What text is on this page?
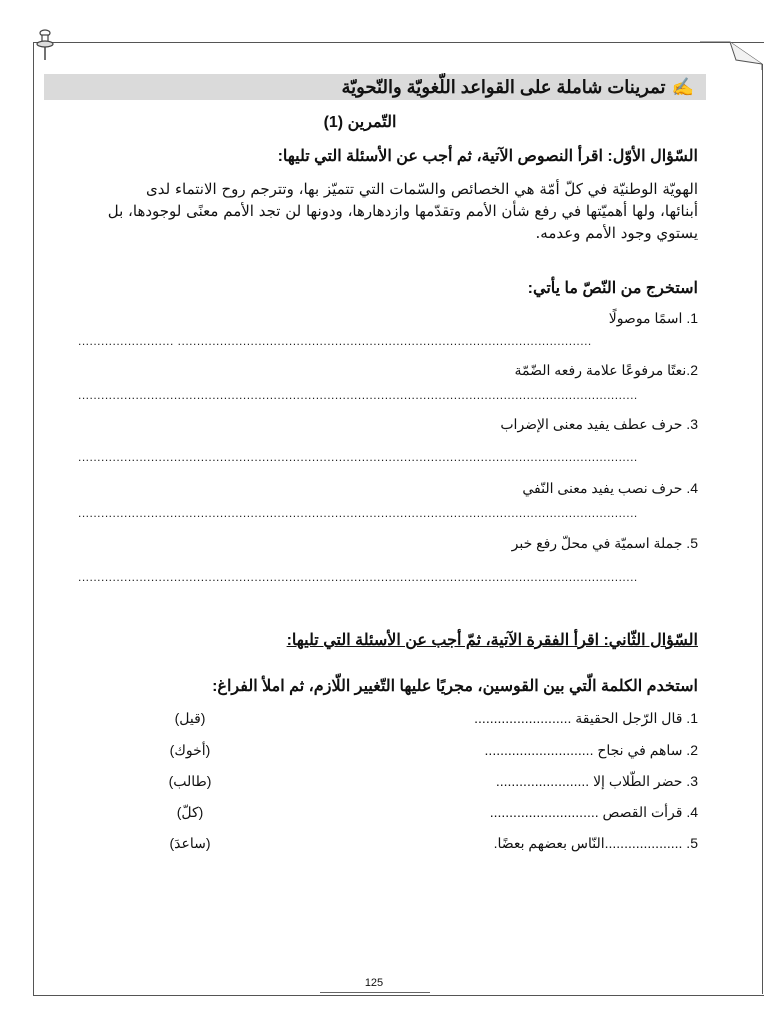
✍تمرينات شاملة على القواعد اللّغويّة والنّحويّة
التّمرين (1)
السّؤال الأوّل: اقرأ النصوص الآتية، ثم أجب عن الأسئلة التي تليها:
الهويّة الوطنيّة في كلّ أمّة هي الخصائص والسّمات التي تتميّز بها، وتترجم روح الانتماء لدى
أبنائها، ولها أهميّتها في رفع شأن الأمم وتقدّمها وازدهارها، ودونها لن تجد الأمم معنًى لوجودها، بل
يستوي وجود الأمم وعدمه.
استخرج من النّصّ ما يأتي:
1. اسمًا موصولًا
......................... ............................................................................................................
2.نعتًا مرفوعًا علامة رفعه الضّمّة
..................................................................................................................................................
3. حرف عطف يفيد معنى الإضراب
..................................................................................................................................................
4. حرف نصب يفيد معنى النّفي
..................................................................................................................................................
5. جملة اسميّة في محلّ رفع خبر
..................................................................................................................................................
السّؤال الثّاني: اقرأ الفقرة الآتية، ثمّ أجب عن الأسئلة التي تليها:
استخدم الكلمة الّتي بين القوسين، مجريًا عليها التّغيير اللّازم، ثم املأ الفراغ:
1. قال الرّجل الحقيقة .........................
(قيل)
2. ساهم في نجاح ............................
(أخوك)
3. حضر الطّلاب إلا ........................
(طالب)
4. قرأت القصص ............................
(كلّ)
5. ....................النّاس بعضهم بعضًا.
(ساعدَ)
125
